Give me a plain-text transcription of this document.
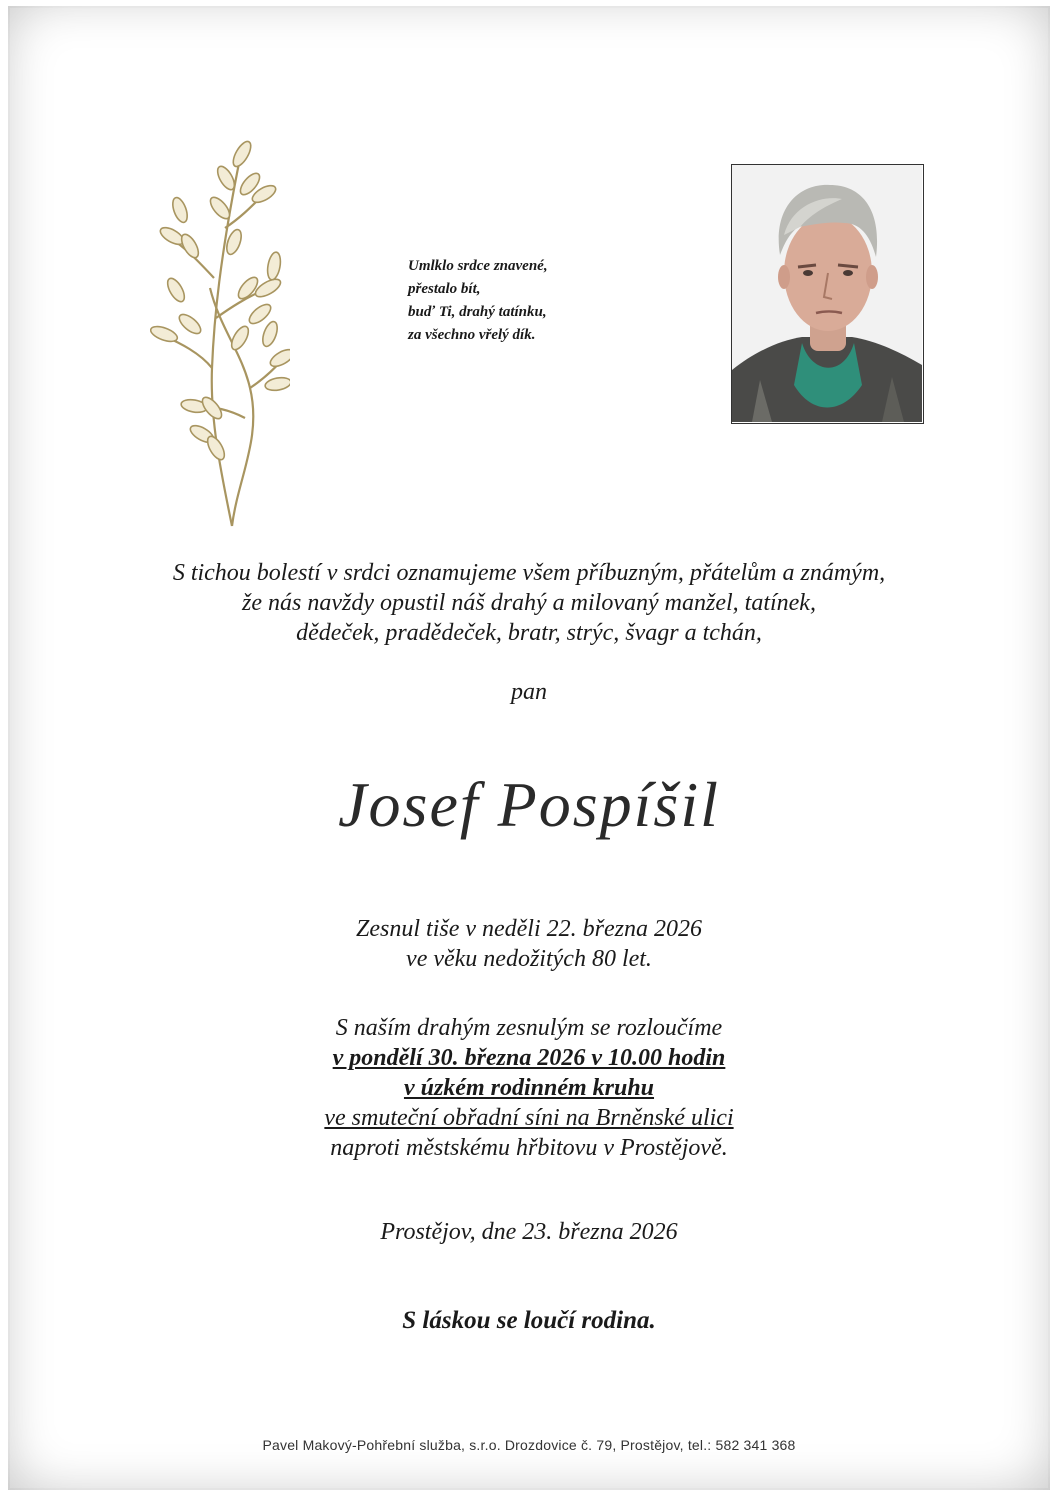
Umlklo srdce znavené,
přestalo bít,
buď Ti, drahý tatínku,
za všechno vřelý dík.
S tichou bolestí v srdci oznamujeme všem příbuzným, přátelům a známým,
že nás navždy opustil náš drahý a milovaný manžel, tatínek,
dědeček, pradědeček, bratr, strýc, švagr a tchán,
pan
Josef Pospíšil
Zesnul tiše v neděli 22. března 2026
ve věku nedožitých 80 let.
S naším drahým zesnulým se rozloučíme
v pondělí 30. března 2026 v 10.00 hodin
v úzkém rodinném kruhu
ve smuteční obřadní síni na Brněnské ulici
naproti městskému hřbitovu v Prostějově.
Prostějov, dne 23. března 2026
S láskou se loučí rodina.
Pavel Makový-Pohřební služba, s.r.o. Drozdovice č. 79, Prostějov, tel.: 582 341 368
